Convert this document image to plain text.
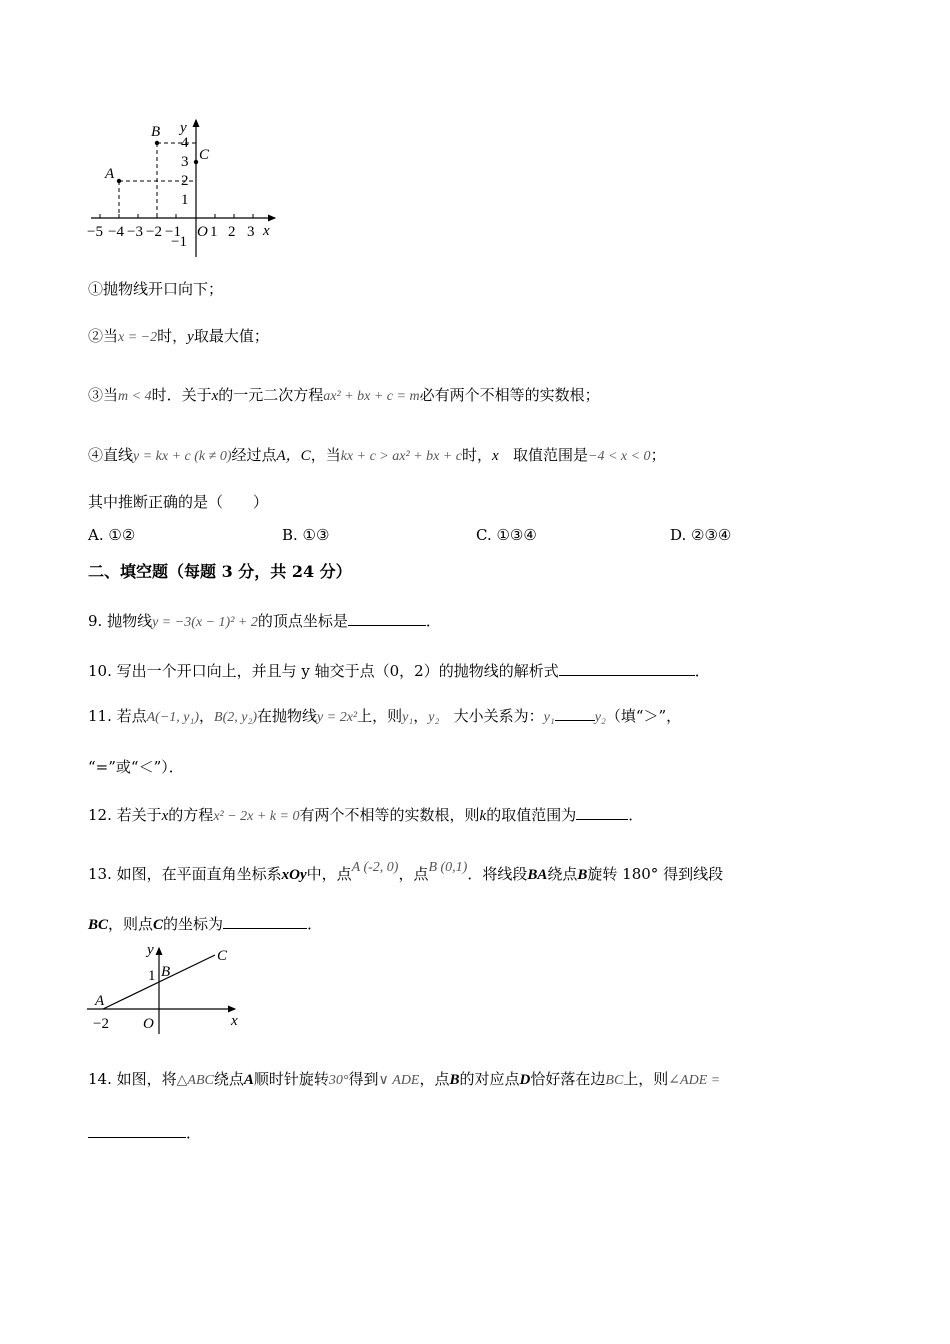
y
x
O
−5 −4 −3 −2 −1 1 2 3
4
3
2
1
−1
A
B
C
①抛物线开口向下；
②当x = −2时，y取最大值；
③当m < 4时．关于x的一元二次方程ax² + bx + c = m必有两个不相等的实数根；
④直线y = kx + c (k ≠ 0)经过点A，C，当kx + c > ax² + bx + c时，x 取值范围是−4 < x < 0；
其中推断正确的是（　　）
A. ①②	B. ①③	C. ①③④	D. ②③④
二、填空题（每题 3 分，共 24 分）
9. 抛物线y = −3(x − 1)² + 2的顶点坐标是	．
10. 写出一个开口向上，并且与 y 轴交于点（0，2）的抛物线的解析式	．
11. 若点A(−1, y₁)，B(2, y₂)在抛物线y = 2x²上，则y₁，y₂ 大小关系为：y₁	y₂（填“＞”，
“=”或“＜”）．
12. 若关于x的方程x² − 2x + k = 0有两个不相等的实数根，则k的取值范围为	．
13. 如图，在平面直角坐标系xOy中，点A (-2, 0)，点B (0,1)．将线段BA绕点B旋转 180° 得到线段
BC，则点C的坐标为	．
y	C
1 B
A
−2 O	x
14. 如图，将△ABC绕点A顺时针旋转30°得到∨ ADE，点B的对应点D恰好落在边BC上，则∠ADE =
．
